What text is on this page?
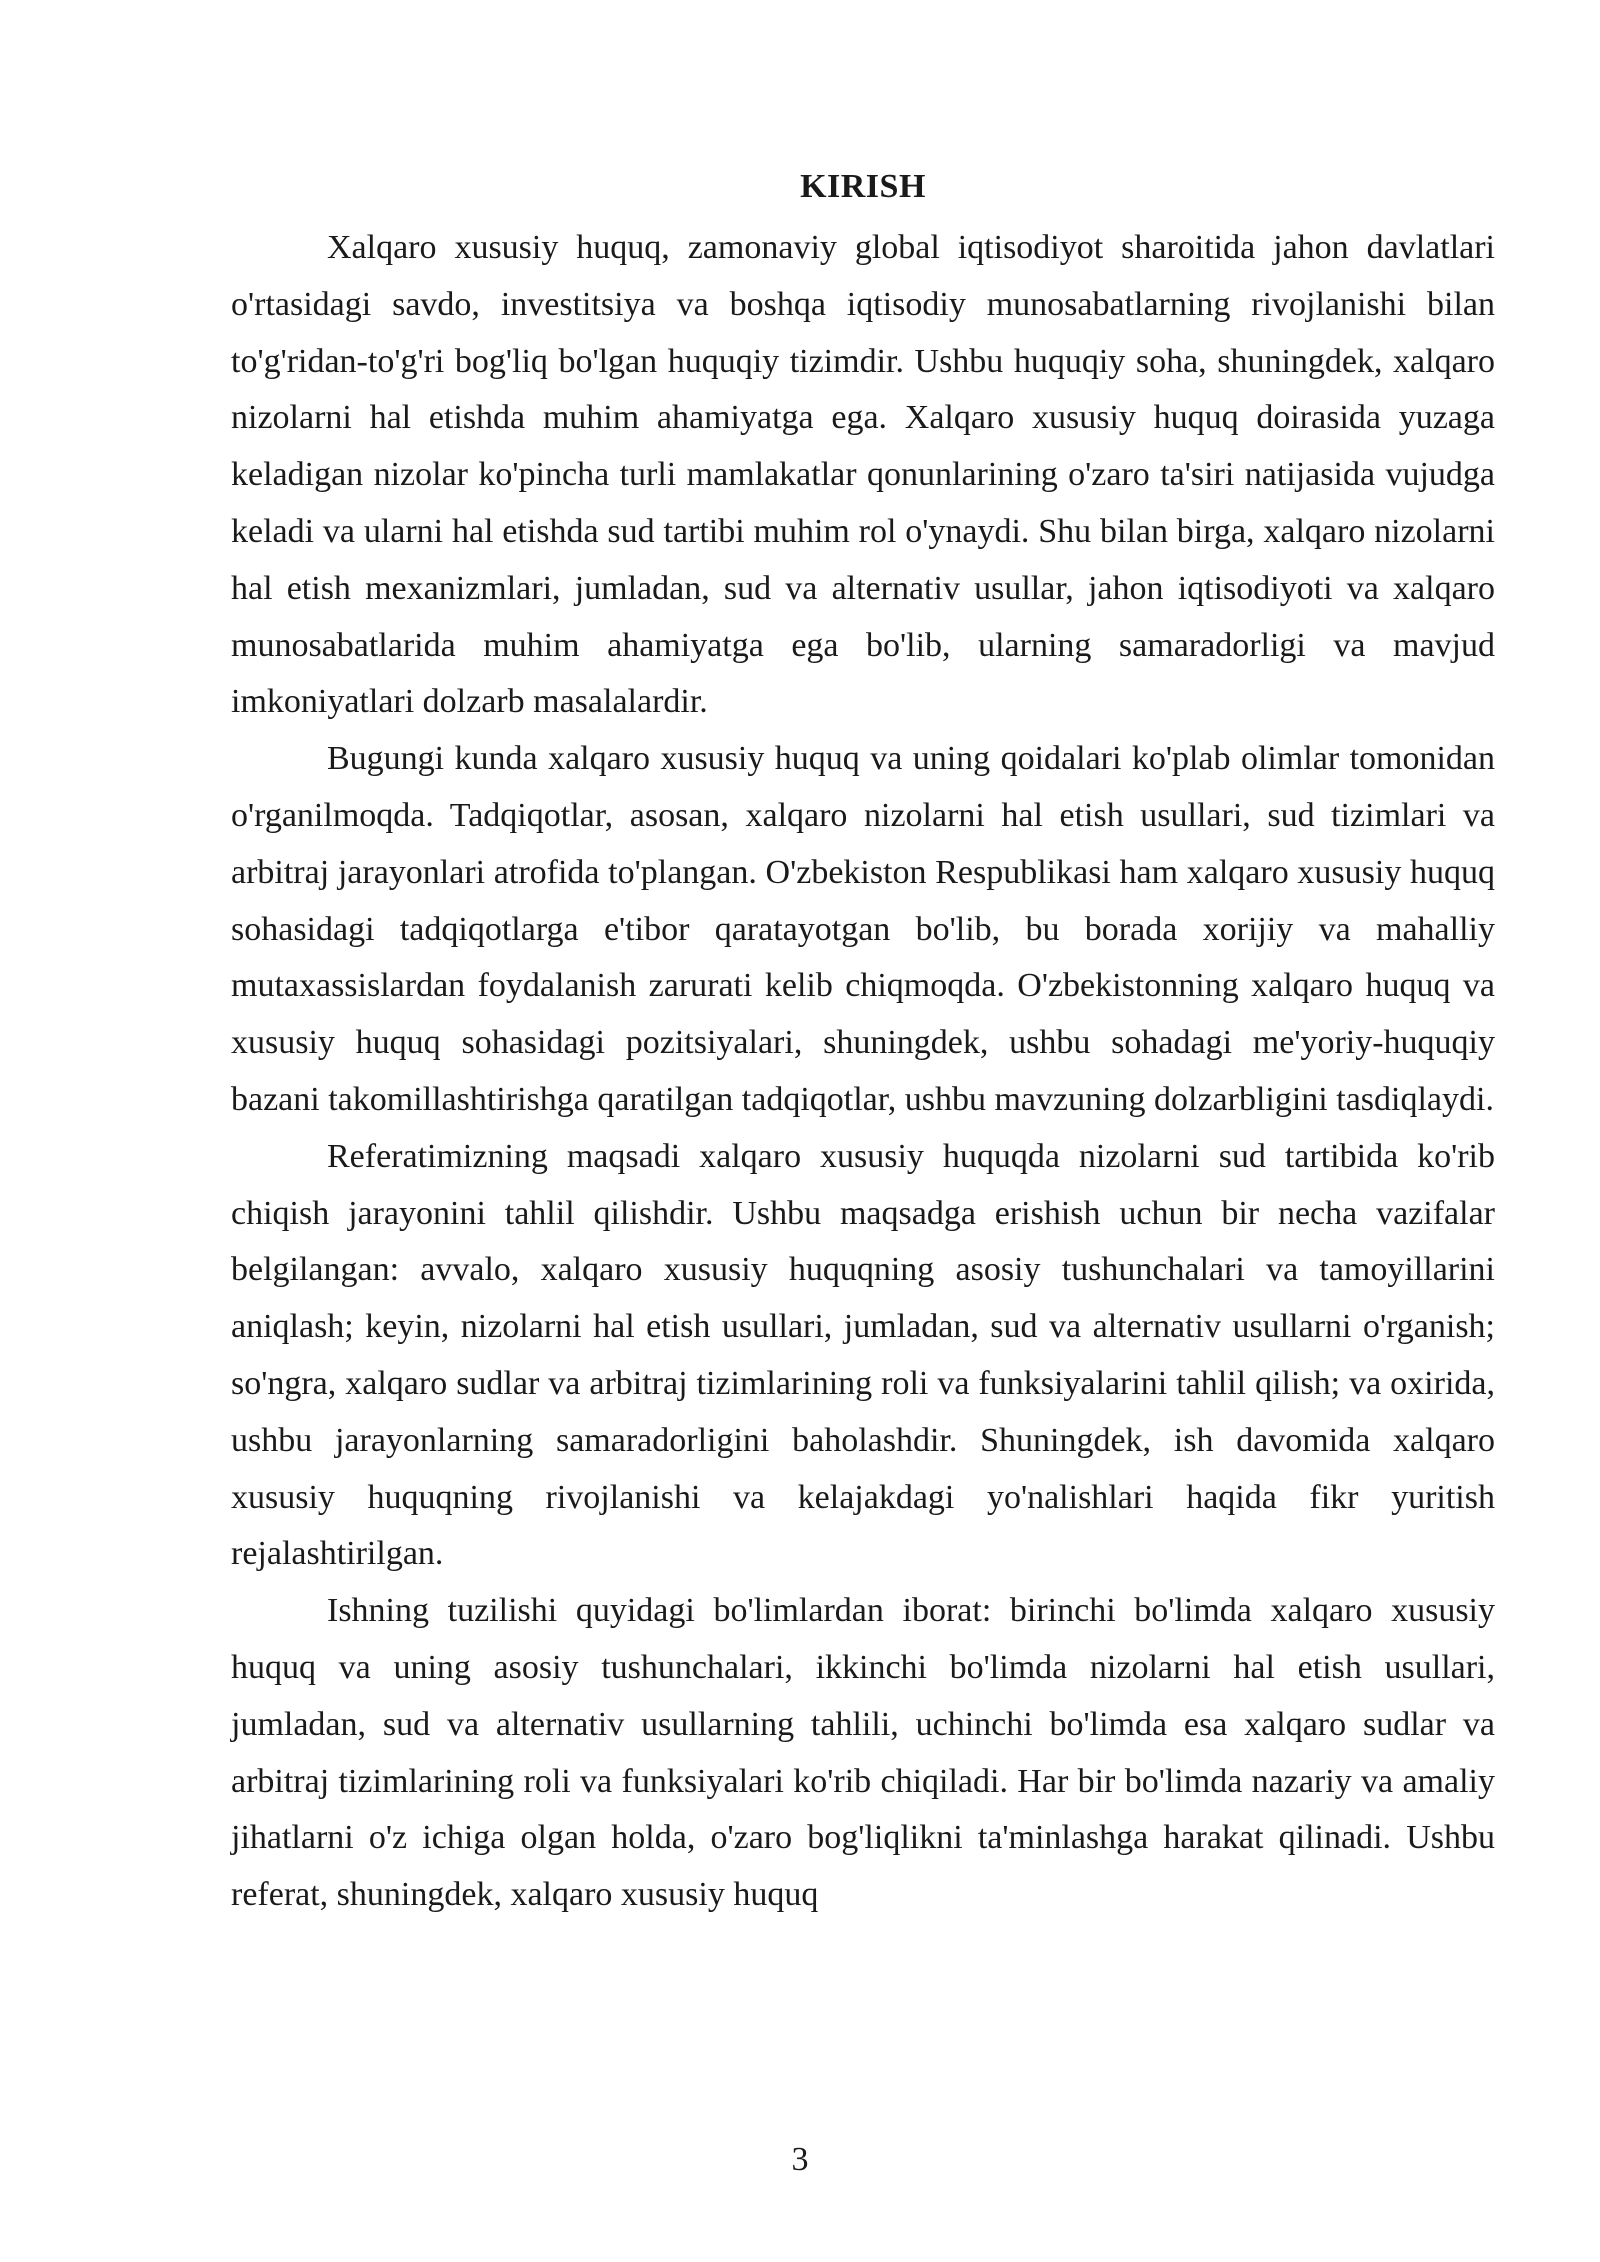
KIRISH

Xalqaro xususiy huquq, zamonaviy global iqtisodiyot sharoitida jahon davlatlari o'rtasidagi savdo, investitsiya va boshqa iqtisodiy munosabatlarning rivojlanishi bilan to'g'ridan-to'g'ri bog'liq bo'lgan huquqiy tizimdir. Ushbu huquqiy soha, shuningdek, xalqaro nizolarni hal etishda muhim ahamiyatga ega. Xalqaro xususiy huquq doirasida yuzaga keladigan nizolar ko'pincha turli mamlakatlar qonunlarining o'zaro ta'siri natijasida vujudga keladi va ularni hal etishda sud tartibi muhim rol o'ynaydi. Shu bilan birga, xalqaro nizolarni hal etish mexanizmlari, jumladan, sud va alternativ usullar, jahon iqtisodiyoti va xalqaro munosabatlarida muhim ahamiyatga ega bo'lib, ularning samaradorligi va mavjud imkoniyatlari dolzarb masalalardir.

Bugungi kunda xalqaro xususiy huquq va uning qoidalari ko'plab olimlar tomonidan o'rganilmoqda. Tadqiqotlar, asosan, xalqaro nizolarni hal etish usullari, sud tizimlari va arbitraj jarayonlari atrofida to'plangan. O'zbekiston Respublikasi ham xalqaro xususiy huquq sohasidagi tadqiqotlarga e'tibor qaratayotgan bo'lib, bu borada xorijiy va mahalliy mutaxassislardan foydalanish zarurati kelib chiqmoqda. O'zbekistonning xalqaro huquq va xususiy huquq sohasidagi pozitsiyalari, shuningdek, ushbu sohadagi me'yoriy-huquqiy bazani takomillashtirishga qaratilgan tadqiqotlar, ushbu mavzuning dolzarbligini tasdiqlaydi.

Referatimizning maqsadi xalqaro xususiy huquqda nizolarni sud tartibida ko'rib chiqish jarayonini tahlil qilishdir. Ushbu maqsadga erishish uchun bir necha vazifalar belgilangan: avvalo, xalqaro xususiy huquqning asosiy tushunchalari va tamoyillarini aniqlash; keyin, nizolarni hal etish usullari, jumladan, sud va alternativ usullarni o'rganish; so'ngra, xalqaro sudlar va arbitraj tizimlarining roli va funksiyalarini tahlil qilish; va oxirida, ushbu jarayonlarning samaradorligini baholashdir. Shuningdek, ish davomida xalqaro xususiy huquqning rivojlanishi va kelajakdagi yo'nalishlari haqida fikr yuritish rejalashtirilgan.

Ishning tuzilishi quyidagi bo'limlardan iborat: birinchi bo'limda xalqaro xususiy huquq va uning asosiy tushunchalari, ikkinchi bo'limda nizolarni hal etish usullari, jumladan, sud va alternativ usullarning tahlili, uchinchi bo'limda esa xalqaro sudlar va arbitraj tizimlarining roli va funksiyalari ko'rib chiqiladi. Har bir bo'limda nazariy va amaliy jihatlarni o'z ichiga olgan holda, o'zaro bog'liqlikni ta'minlashga harakat qilinadi. Ushbu referat, shuningdek, xalqaro xususiy huquq

3
